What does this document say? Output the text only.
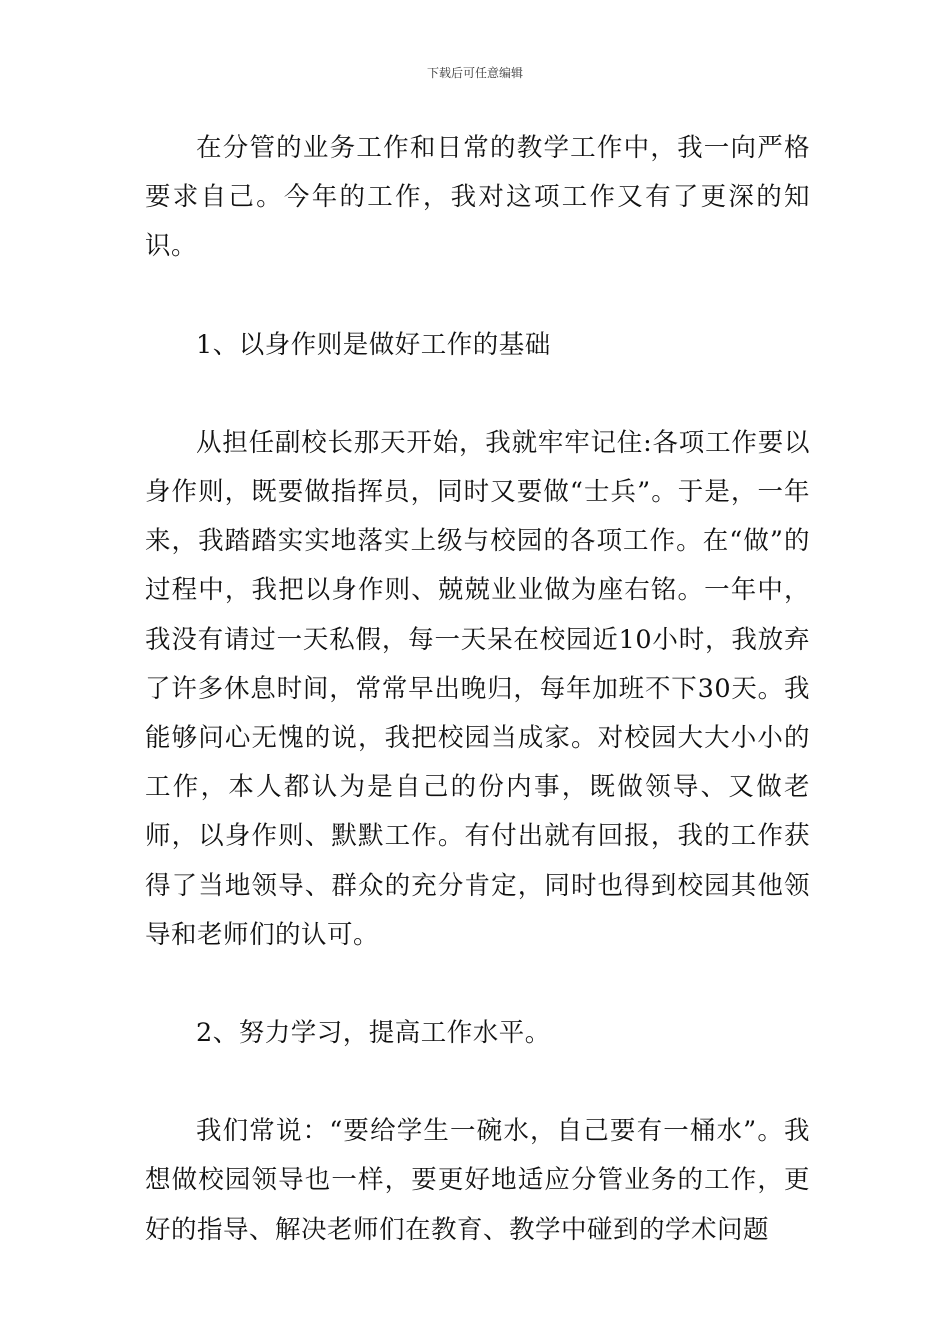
下载后可任意编辑

在分管的业务工作和日常的教学工作中，我一向严格要求自己。今年的工作，我对这项工作又有了更深的知识。

1、以身作则是做好工作的基础

从担任副校长那天开始，我就牢牢记住:各项工作要以身作则，既要做指挥员，同时又要做“士兵”。于是，一年来，我踏踏实实地落实上级与校园的各项工作。在“做”的过程中，我把以身作则、兢兢业业做为座右铭。一年中，我没有请过一天私假，每一天呆在校园近10小时，我放弃了许多休息时间，常常早出晚归，每年加班不下30天。我能够问心无愧的说，我把校园当成家。对校园大大小小的工作，本人都认为是自己的份内事，既做领导、又做老师，以身作则、默默工作。有付出就有回报，我的工作获得了当地领导、群众的充分肯定，同时也得到校园其他领导和老师们的认可。

2、努力学习，提高工作水平。

我们常说：“要给学生一碗水，自己要有一桶水”。我想做校园领导也一样，要更好地适应分管业务的工作，更好的指导、解决老师们在教育、教学中碰到的学术问题
